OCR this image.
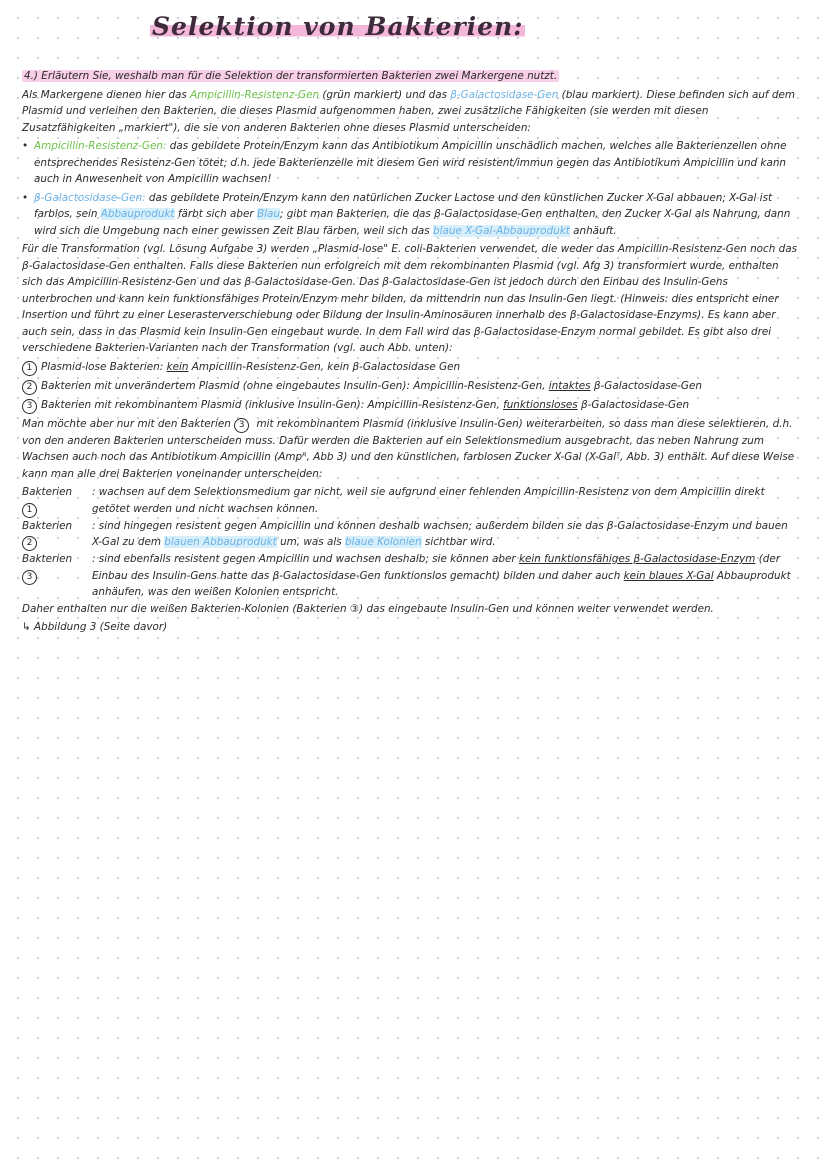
Selektion von Bakterien:

4.) Erläutern Sie, weshalb man für die Selektion der transformierten Bakterien zwei Markergene nutzt.

Als Markergene dienen hier das Ampicillin-Resistenz-Gen (grün markiert) und das β-Galactosidase-Gen (blau markiert). Diese befinden sich auf dem Plasmid und verleihen den Bakterien, die dieses Plasmid aufgenommen haben, zwei zusätzliche Fähigkeiten (sie werden mit diesen Zusatzfähigkeiten „markiert"), die sie von anderen Bakterien ohne dieses Plasmid unterscheiden:

• Ampicillin-Resistenz-Gen: das gebildete Protein/Enzym kann das Antibiotikum Ampicillin unschädlich machen, welches alle Bakterienzellen ohne entsprechendes Resistenz-Gen tötet; d.h. jede Bakterienzelle mit diesem Gen wird resistent/immun gegen das Antibiotikum Ampicillin und kann auch in Anwesenheit von Ampicillin wachsen!

• β-Galactosidase-Gen: das gebildete Protein/Enzym kann den natürlichen Zucker Lactose und den künstlichen Zucker X-Gal abbauen; X-Gal ist farblos, sein Abbauprodukt färbt sich aber Blau; gibt man Bakterien, die das β-Galactosidase-Gen enthalten, den Zucker X-Gal als Nahrung, dann wird sich die Umgebung nach einer gewissen Zeit Blau färben, weil sich das blaue X-Gal-Abbauprodukt anhäuft.

Für die Transformation (vgl. Lösung Aufgabe 3) werden „Plasmid-lose" E. coli-Bakterien verwendet, die weder das Ampicillin-Resistenz-Gen noch das β-Galactosidase-Gen enthalten. Falls diese Bakterien nun erfolgreich mit dem rekombinanten Plasmid (vgl. Afg 3) transformiert wurde, enthalten sich das Ampicillin-Resistenz-Gen und das β-Galactosidase-Gen. Das β-Galactosidase-Gen ist jedoch durch den Einbau des Insulin-Gens unterbrochen und kann kein funktionsfähiges Protein/Enzym mehr bilden, da mittendrin nun das Insulin-Gen liegt. (Hinweis: dies entspricht einer Insertion und führt zu einer Leserasterverschiebung oder Bildung der Insulin-Aminosäuren innerhalb des β-Galactosidase-Enzyms). Es kann aber auch sein, dass in das Plasmid kein Insulin-Gen eingebaut wurde. In dem Fall wird das β-Galactosidase-Enzym normal gebildet. Es gibt also drei verschiedene Bakterien-Varianten nach der Transformation (vgl. auch Abb. unten):

1 Plasmid-lose Bakterien: kein Ampicillin-Resistenz-Gen, kein β-Galactosidase Gen

2 Bakterien mit unverändertem Plasmid (ohne eingebautes Insulin-Gen): Ampicillin-Resistenz-Gen, intaktes β-Galactosidase-Gen

3 Bakterien mit rekombinantem Plasmid (inklusive Insulin-Gen): Ampicillin-Resistenz-Gen, funktionsloses β-Galactosidase-Gen

Man möchte aber nur mit den Bakterien 3 mit rekombinantem Plasmid (inklusive Insulin-Gen) weiterarbeiten, so dass man diese selektieren, d.h. von den anderen Bakterien unterscheiden muss. Dafür werden die Bakterien auf ein Selektionsmedium ausgebracht, das neben Nahrung zum Wachsen auch noch das Antibiotikum Ampicillin (Ampᴿ, Abb 3) und den künstlichen, farblosen Zucker X-Gal (X-Galᵀ, Abb. 3) enthält. Auf diese Weise kann man alle drei Bakterien voneinander unterscheiden:

Bakterien 1
: wachsen auf dem Selektionsmedium gar nicht, weil sie aufgrund einer fehlenden Ampicillin-Resistenz von dem Ampicillin direkt getötet werden und nicht wachsen können.
Bakterien 2
: sind hingegen resistent gegen Ampicillin und können deshalb wachsen; außerdem bilden sie das β-Galactosidase-Enzym und bauen X-Gal zu dem blauen Abbauprodukt um, was als blaue Kolonien sichtbar wird.
Bakterien 3
: sind ebenfalls resistent gegen Ampicillin und wachsen deshalb; sie können aber kein funktionsfähiges β-Galactosidase-Enzym (der Einbau des Insulin-Gens hatte das β-Galactosidase-Gen funktionslos gemacht) bilden und daher auch kein blaues X-Gal Abbauprodukt anhäufen, was den weißen Kolonien entspricht.

Daher enthalten nur die weißen Bakterien-Kolonien (Bakterien ③) das eingebaute Insulin-Gen und können weiter verwendet werden.

↳ Abbildung 3 (Seite davor)
